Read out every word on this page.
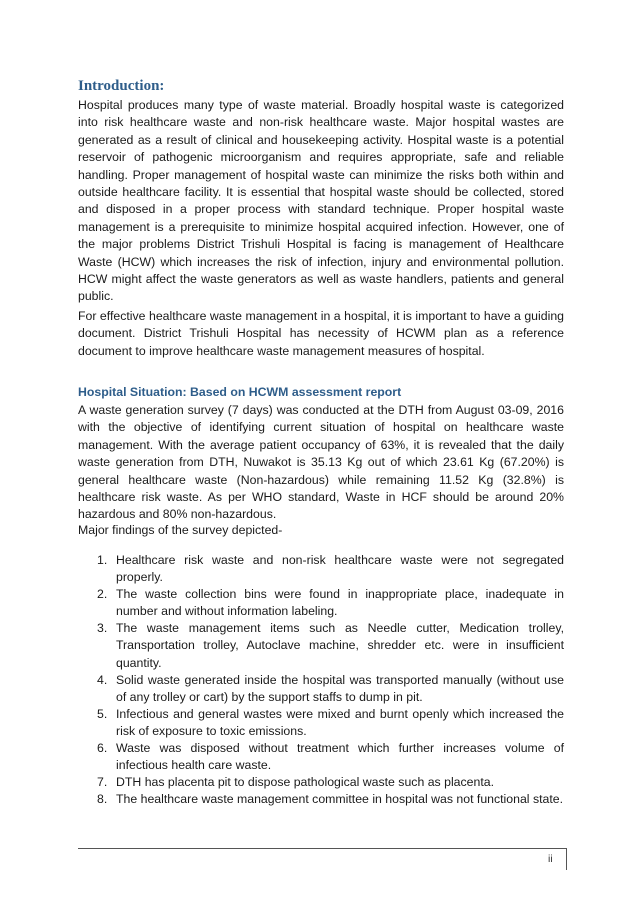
Introduction:

Hospital produces many type of waste material. Broadly hospital waste is categorized into risk healthcare waste and non-risk healthcare waste. Major hospital wastes are generated as a result of clinical and housekeeping activity. Hospital waste is a potential reservoir of pathogenic microorganism and requires appropriate, safe and reliable handling. Proper management of hospital waste can minimize the risks both within and outside healthcare facility. It is essential that hospital waste should be collected, stored and disposed in a proper process with standard technique. Proper hospital waste management is a prerequisite to minimize hospital acquired infection. However, one of the major problems District Trishuli Hospital is facing is management of Healthcare Waste (HCW) which increases the risk of infection, injury and environmental pollution. HCW might affect the waste generators as well as waste handlers, patients and general public.

For effective healthcare waste management in a hospital, it is important to have a guiding document. District Trishuli Hospital has necessity of HCWM plan as a reference document to improve healthcare waste management measures of hospital.

Hospital Situation: Based on HCWM assessment report

A waste generation survey (7 days) was conducted at the DTH from August 03-09, 2016 with the objective of identifying current situation of hospital on healthcare waste management. With the average patient occupancy of 63%, it is revealed that the daily waste generation from DTH, Nuwakot is 35.13 Kg out of which 23.61 Kg (67.20%) is general healthcare waste (Non-hazardous) while remaining 11.52 Kg (32.8%) is healthcare risk waste. As per WHO standard, Waste in HCF should be around 20% hazardous and 80% non-hazardous.

Major findings of the survey depicted-

1. Healthcare risk waste and non-risk healthcare waste were not segregated properly.
2. The waste collection bins were found in inappropriate place, inadequate in number and without information labeling.
3. The waste management items such as Needle cutter, Medication trolley, Transportation trolley, Autoclave machine, shredder etc. were in insufficient quantity.
4. Solid waste generated inside the hospital was transported manually (without use of any trolley or cart) by the support staffs to dump in pit.
5. Infectious and general wastes were mixed and burnt openly which increased the risk of exposure to toxic emissions.
6. Waste was disposed without treatment which further increases volume of infectious health care waste.
7. DTH has placenta pit to dispose pathological waste such as placenta.
8. The healthcare waste management committee in hospital was not functional state.
ii
